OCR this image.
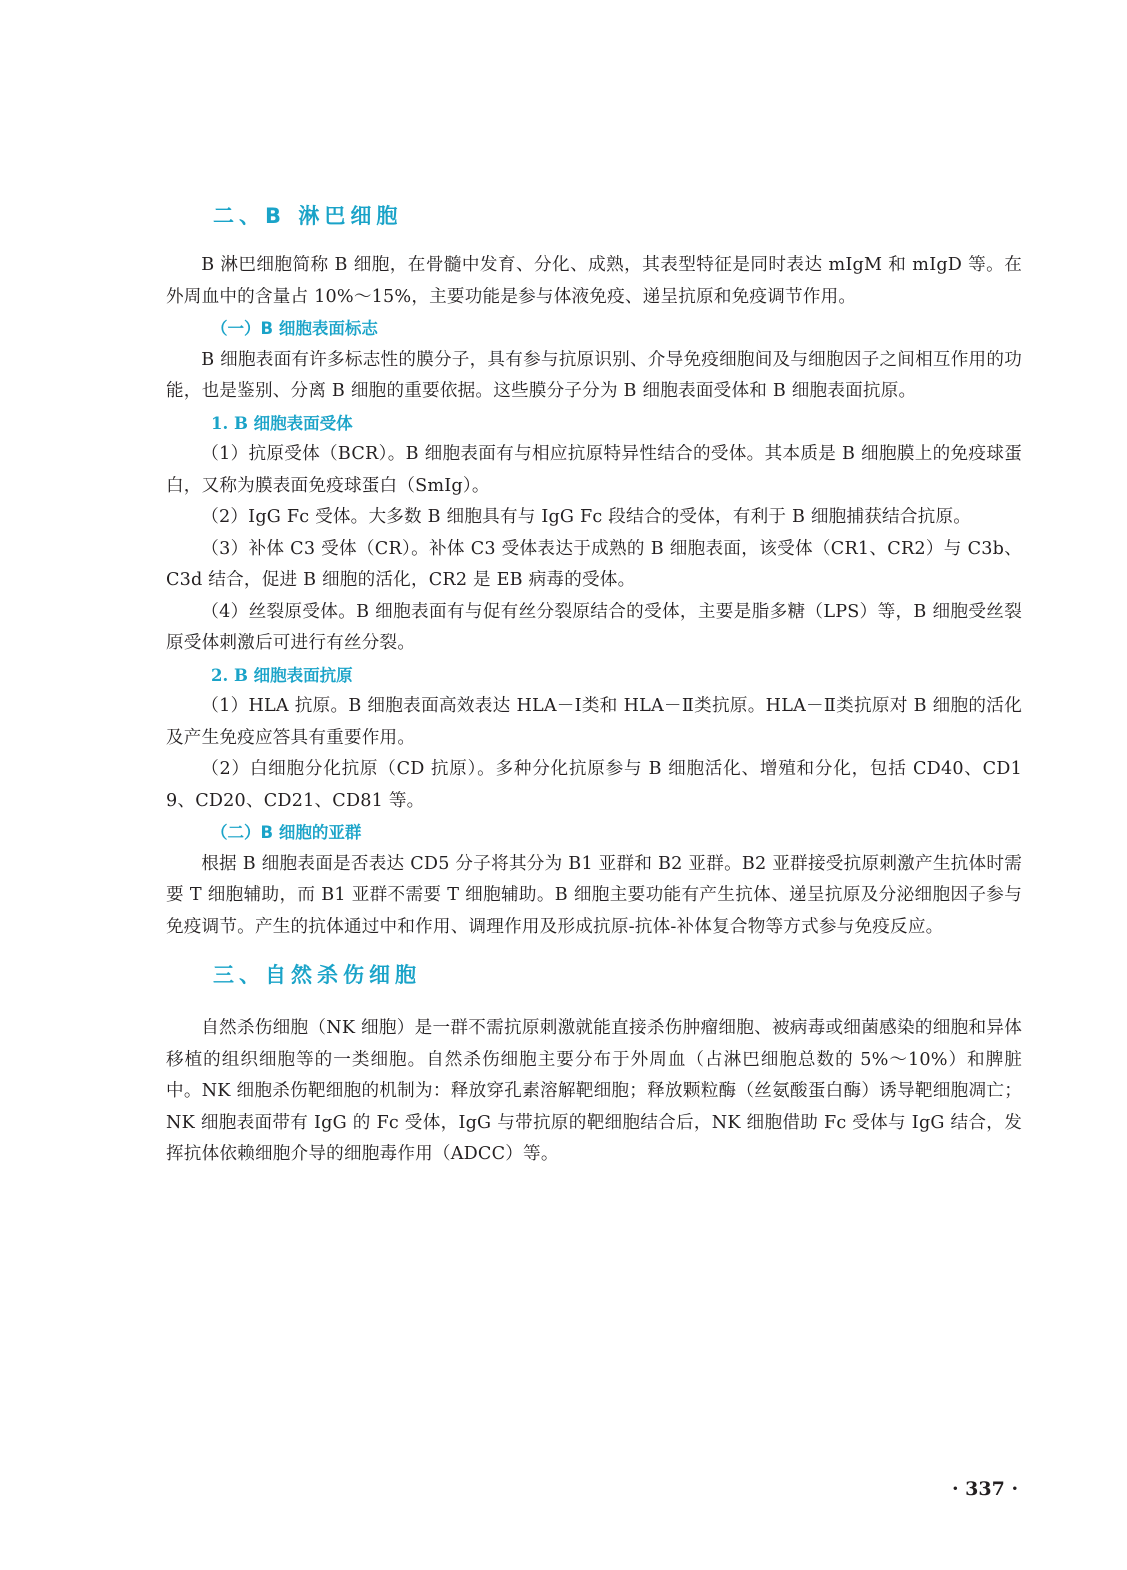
二、B 淋巴细胞

B 淋巴细胞简称 B 细胞，在骨髓中发育、分化、成熟，其表型特征是同时表达 mIgM 和 mIgD 等。在外周血中的含量占 10%～15%，主要功能是参与体液免疫、递呈抗原和免疫调节作用。

（一）B 细胞表面标志

B 细胞表面有许多标志性的膜分子，具有参与抗原识别、介导免疫细胞间及与细胞因子之间相互作用的功能，也是鉴别、分离 B 细胞的重要依据。这些膜分子分为 B 细胞表面受体和 B 细胞表面抗原。

1. B 细胞表面受体

（1）抗原受体（BCR）。B 细胞表面有与相应抗原特异性结合的受体。其本质是 B 细胞膜上的免疫球蛋白，又称为膜表面免疫球蛋白（SmIg）。

（2）IgG Fc 受体。大多数 B 细胞具有与 IgG Fc 段结合的受体，有利于 B 细胞捕获结合抗原。

（3）补体 C3 受体（CR）。补体 C3 受体表达于成熟的 B 细胞表面，该受体（CR1、CR2）与 C3b、C3d 结合，促进 B 细胞的活化，CR2 是 EB 病毒的受体。

（4）丝裂原受体。B 细胞表面有与促有丝分裂原结合的受体，主要是脂多糖（LPS）等，B 细胞受丝裂原受体刺激后可进行有丝分裂。

2. B 细胞表面抗原

（1）HLA 抗原。B 细胞表面高效表达 HLA－Ⅰ类和 HLA－Ⅱ类抗原。HLA－Ⅱ类抗原对 B 细胞的活化及产生免疫应答具有重要作用。

（2）白细胞分化抗原（CD 抗原）。多种分化抗原参与 B 细胞活化、增殖和分化，包括 CD40、CD19、CD20、CD21、CD81 等。

（二）B 细胞的亚群

根据 B 细胞表面是否表达 CD5 分子将其分为 B1 亚群和 B2 亚群。B2 亚群接受抗原刺激产生抗体时需要 T 细胞辅助，而 B1 亚群不需要 T 细胞辅助。B 细胞主要功能有产生抗体、递呈抗原及分泌细胞因子参与免疫调节。产生的抗体通过中和作用、调理作用及形成抗原-抗体-补体复合物等方式参与免疫反应。

三、自然杀伤细胞

自然杀伤细胞（NK 细胞）是一群不需抗原刺激就能直接杀伤肿瘤细胞、被病毒或细菌感染的细胞和异体移植的组织细胞等的一类细胞。自然杀伤细胞主要分布于外周血（占淋巴细胞总数的 5%～10%）和脾脏中。NK 细胞杀伤靶细胞的机制为：释放穿孔素溶解靶细胞；释放颗粒酶（丝氨酸蛋白酶）诱导靶细胞凋亡；NK 细胞表面带有 IgG 的 Fc 受体，IgG 与带抗原的靶细胞结合后，NK 细胞借助 Fc 受体与 IgG 结合，发挥抗体依赖细胞介导的细胞毒作用（ADCC）等。

· 337 ·
